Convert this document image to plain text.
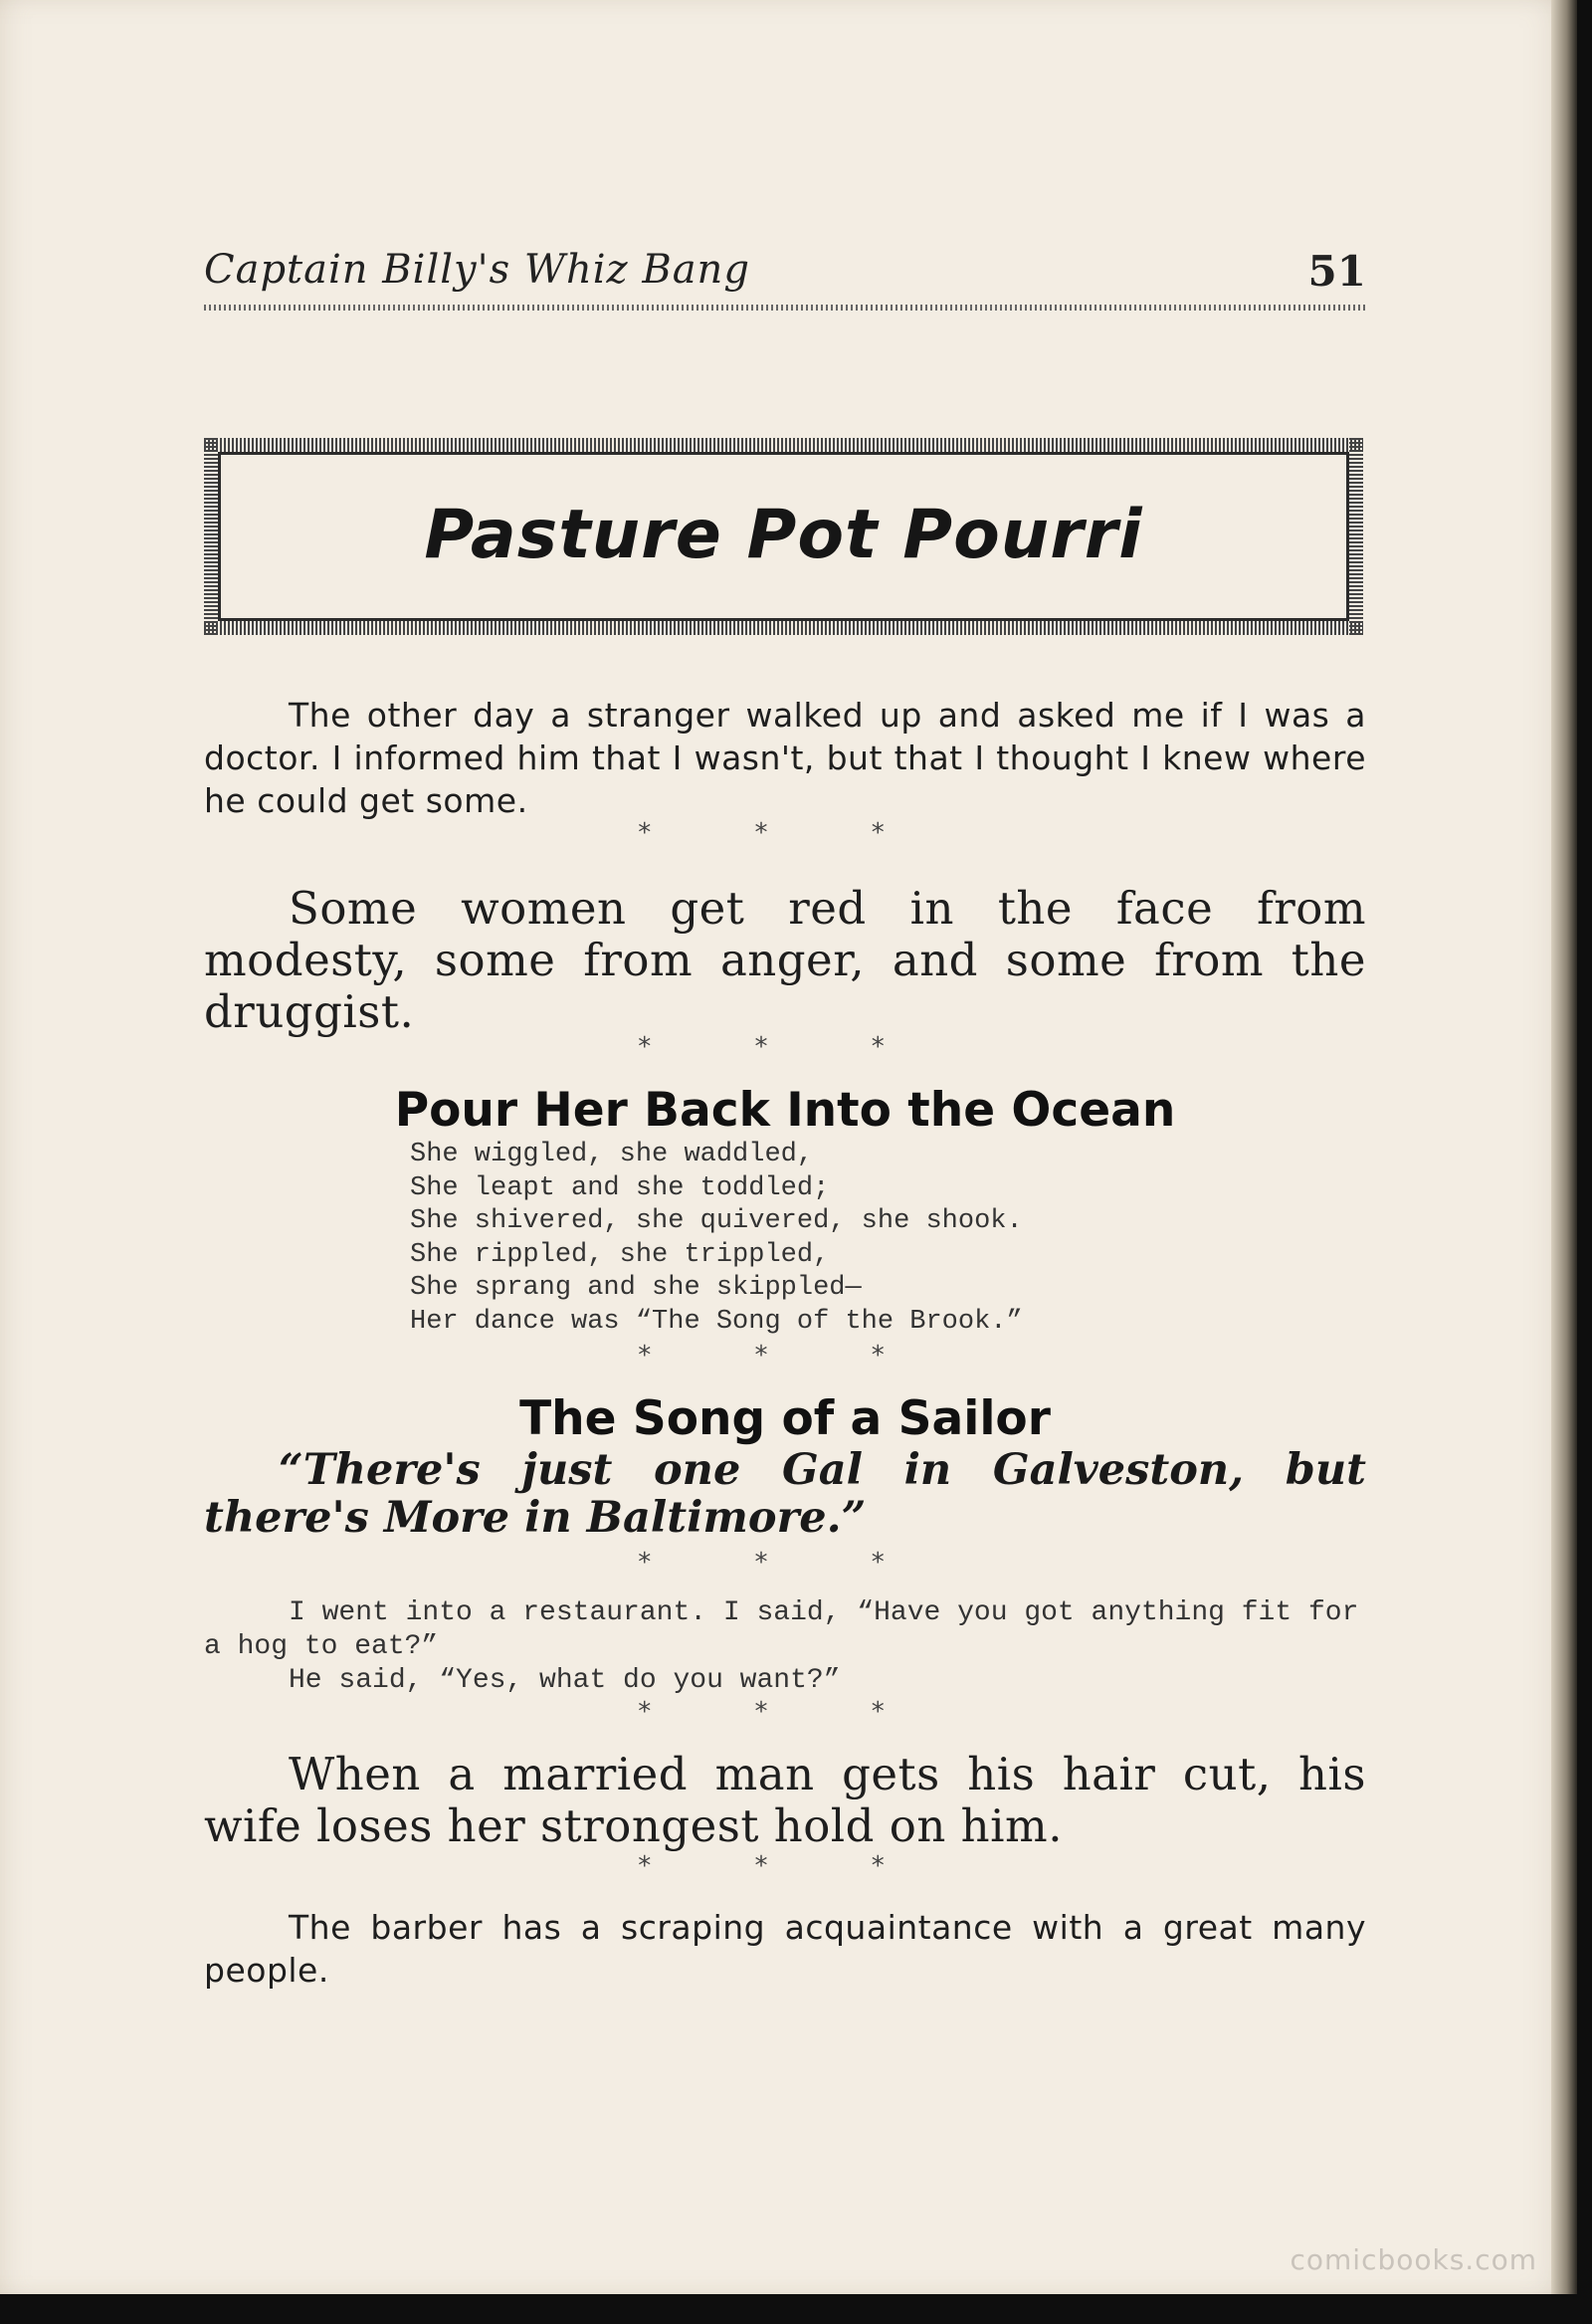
Captain Billy's Whiz Bang	51
Pasture Pot Pourri

The other day a stranger walked up and asked me if I was a doctor. I informed him that I wasn't, but that I thought I knew where he could get some.

* * *

Some women get red in the face from modesty, some from anger, and some from the druggist.

* * *
Pour Her Back Into the Ocean
She wiggled, she waddled,
She leapt and she toddled;
She shivered, she quivered, she shook.
She rippled, she trippled,
She sprang and she skippled—
Her dance was “The Song of the Brook.”
* * *
The Song of a Sailor

“There's just one Gal in Galveston, but there's More in Baltimore.”

* * *

I went into a restaurant. I said, “Have you got anything fit for a hog to eat?”

He said, “Yes, what do you want?”

* * *

When a married man gets his hair cut, his wife loses her strongest hold on him.

* * *

The barber has a scraping acquaintance with a great many people.

comicbooks.com
